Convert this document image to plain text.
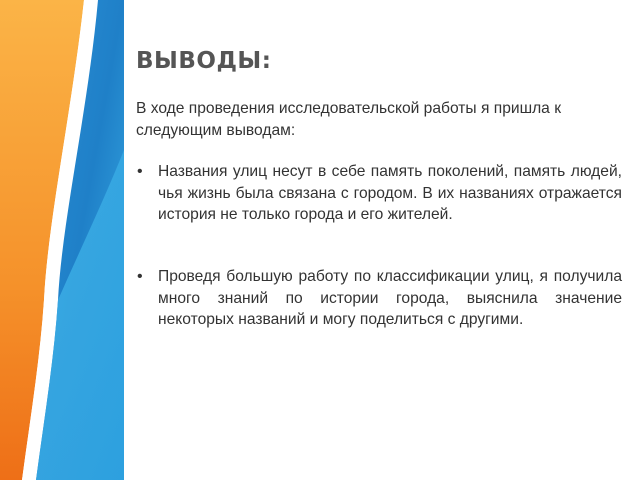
ВЫВОДЫ:

В ходе проведения исследовательской работы я пришла к следующим выводам:

• Названия улиц несут в себе память поколений, память людей, чья жизнь была связана с городом. В их названиях отражается история не только города и его жителей.
• Проведя большую работу по классификации улиц, я получила много знаний по истории города, выяснила значение некоторых названий и могу поделиться с другими.
